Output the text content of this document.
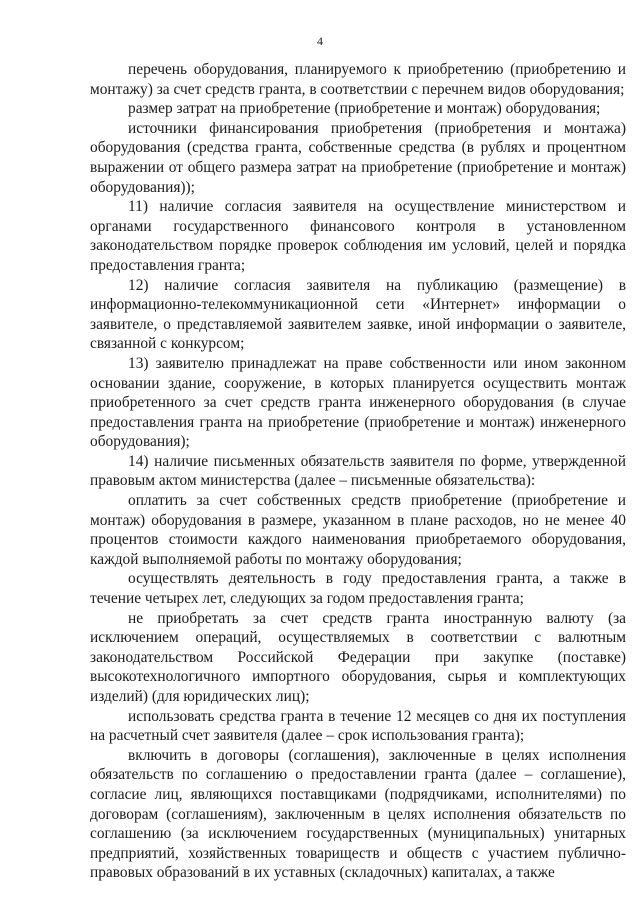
4

перечень оборудования, планируемого к приобретению (приобретению и монтажу) за счет средств гранта, в соответствии с перечнем видов оборудования;

размер затрат на приобретение (приобретение и монтаж) оборудования;

источники финансирования приобретения (приобретения и монтажа) оборудования (средства гранта, собственные средства (в рублях и процентном выражении от общего размера затрат на приобретение (приобретение и монтаж) оборудования));

11) наличие согласия заявителя на осуществление министерством и органами государственного финансового контроля в установленном законодательством порядке проверок соблюдения им условий, целей и порядка предоставления гранта;

12) наличие согласия заявителя на публикацию (размещение) в информационно-телекоммуникационной сети «Интернет» информации о заявителе, о представляемой заявителем заявке, иной информации о заявителе, связанной с конкурсом;

13) заявителю принадлежат на праве собственности или ином законном основании здание, сооружение, в которых планируется осуществить монтаж приобретенного за счет средств гранта инженерного оборудования (в случае предоставления гранта на приобретение (приобретение и монтаж) инженерного оборудования);

14) наличие письменных обязательств заявителя по форме, утвержденной правовым актом министерства (далее – письменные обязательства):

оплатить за счет собственных средств приобретение (приобретение и монтаж) оборудования в размере, указанном в плане расходов, но не менее 40 процентов стоимости каждого наименования приобретаемого оборудования, каждой выполняемой работы по монтажу оборудования;

осуществлять деятельность в году предоставления гранта, а также в течение четырех лет, следующих за годом предоставления гранта;

не приобретать за счет средств гранта иностранную валюту (за исключением операций, осуществляемых в соответствии с валютным законодательством Российской Федерации при закупке (поставке) высокотехнологичного импортного оборудования, сырья и комплектующих изделий) (для юридических лиц);

использовать средства гранта в течение 12 месяцев со дня их поступления на расчетный счет заявителя (далее – срок использования гранта);

включить в договоры (соглашения), заключенные в целях исполнения обязательств по соглашению о предоставлении гранта (далее – соглашение), согласие лиц, являющихся поставщиками (подрядчиками, исполнителями) по договорам (соглашениям), заключенным в целях исполнения обязательств по соглашению (за исключением государственных (муниципальных) унитарных предприятий, хозяйственных товариществ и обществ с участием публично-правовых образований в их уставных (складочных) капиталах, а также
